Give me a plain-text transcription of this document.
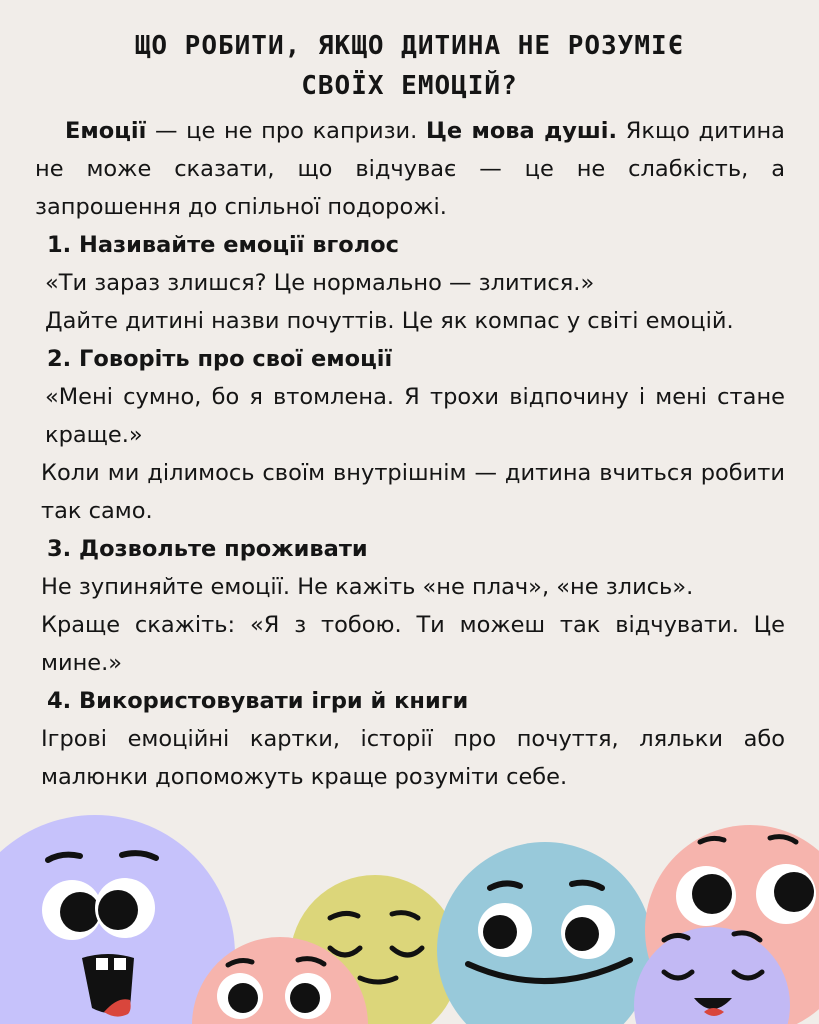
ЩО РОБИТИ, ЯКЩО ДИТИНА НЕ РОЗУМІЄ
СВОЇХ ЕМОЦІЙ?

Емоції — це не про капризи. Це мова душі. Якщо дитина не може сказати, що відчуває — це не слабкість, а запрошення до спільної подорожі.

1. Називайте емоції вголос

«Ти зараз злишся? Це нормально — злитися.»

Дайте дитині назви почуттів. Це як компас у світі емоцій.

2. Говоріть про свої емоції

«Мені сумно, бо я втомлена. Я трохи відпочину і мені стане краще.»

Коли ми ділимось своїм внутрішнім — дитина вчиться робити так само.

3. Дозвольте проживати

Не зупиняйте емоції. Не кажіть «не плач», «не злись».

Краще скажіть: «Я з тобою. Ти можеш так відчувати. Це мине.»

4. Використовувати ігри й книги

Ігрові емоційні картки, історії про почуття, ляльки або малюнки допоможуть краще розуміти себе.
